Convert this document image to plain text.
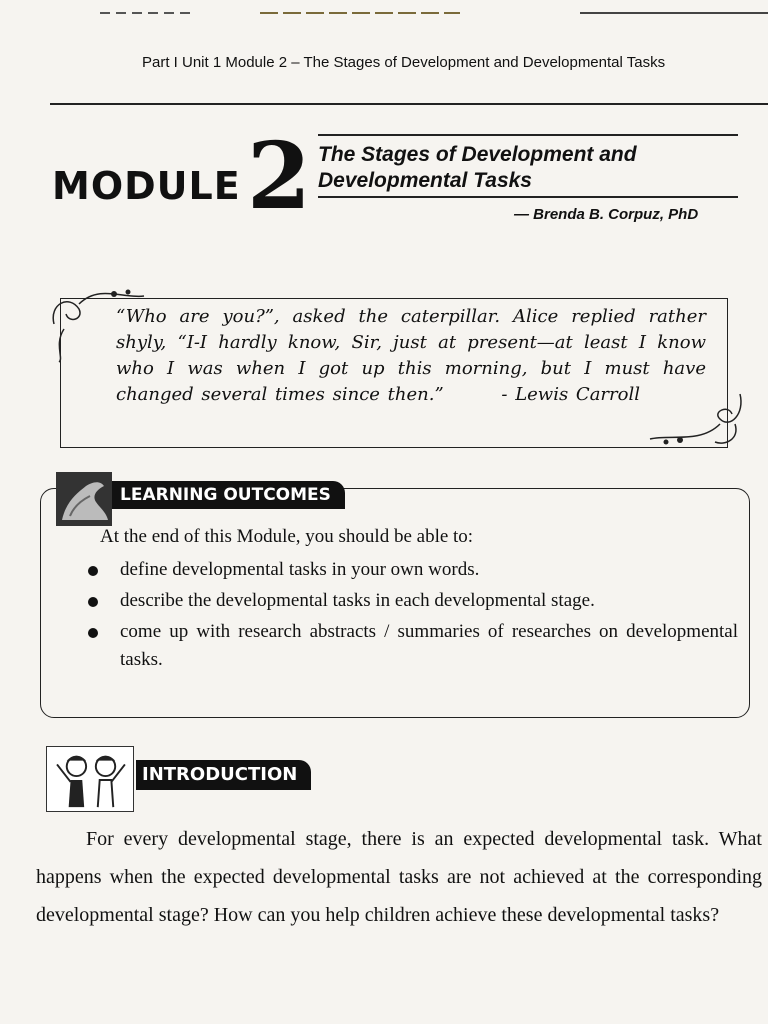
Part I Unit 1 Module 2 – The Stages of Development and Developmental Tasks
MODULE 2 The Stages of Development and Developmental Tasks
— Brenda B. Corpuz, PhD
“Who are you?”, asked the caterpillar. Alice replied rather shyly, “I-I hardly know, Sir, just at present—at least I know who I was when I got up this morning, but I must have changed several times since then.”	- Lewis Carroll
LEARNING OUTCOMES
At the end of this Module, you should be able to:
define developmental tasks in your own words.
describe the developmental tasks in each developmental stage.
come up with research abstracts / summaries of researches on developmental tasks.
INTRODUCTION
For every developmental stage, there is an expected developmental task. What happens when the expected developmental tasks are not achieved at the corresponding developmental stage? How can you help children achieve these developmental tasks?
